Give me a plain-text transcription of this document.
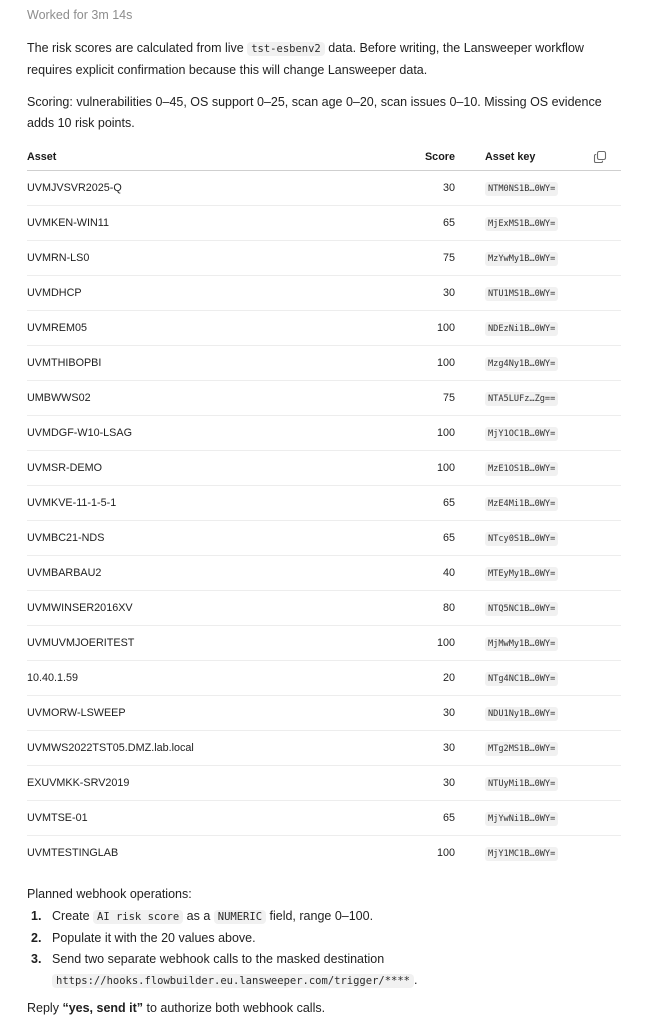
Worked for 3m 14s
The risk scores are calculated from live tst-esbenv2 data. Before writing, the Lansweeper workflow requires explicit confirmation because this will change Lansweeper data.
Scoring: vulnerabilities 0–45, OS support 0–25, scan age 0–20, scan issues 0–10. Missing OS evidence adds 10 risk points.
Asset	Score	Asset key

UVMJVSVR2025-Q	30	NTM0NS1B…0WY=
UVMKEN-WIN11	65	MjExMS1B…0WY=
UVMRN-LS0	75	MzYwMy1B…0WY=
UVMDHCP	30	NTU1MS1B…0WY=
UVMREM05	100	NDEzNi1B…0WY=
UVMTHIBOPBI	100	Mzg4Ny1B…0WY=
UMBWWS02	75	NTA5LUFz…Zg==
UVMDGF-W10-LSAG	100	MjY1OC1B…0WY=
UVMSR-DEMO	100	MzE1OS1B…0WY=
UVMKVE-11-1-5-1	65	MzE4Mi1B…0WY=
UVMBC21-NDS	65	NTcy0S1B…0WY=
UVMBARBAU2	40	MTEyMy1B…0WY=
UVMWINSER2016XV	80	NTQ5NC1B…0WY=
UVMUVMJOERITEST	100	MjMwMy1B…0WY=
10.40.1.59	20	NTg4NC1B…0WY=
UVMORW-LSWEEP	30	NDU1Ny1B…0WY=
UVMWS2022TST05.DMZ.lab.local	30	MTg2MS1B…0WY=
EXUVMKK-SRV2019	30	NTUyMi1B…0WY=
UVMTSE-01	65	MjYwNi1B…0WY=
UVMTESTINGLAB	100	MjY1MC1B…0WY=
Planned webhook operations:
1. Create AI risk score as a NUMERIC field, range 0–100.
2. Populate it with the 20 values above.
3. Send two separate webhook calls to the masked destination https://hooks.flowbuilder.eu.lansweeper.com/trigger/**** .
Reply “yes, send it” to authorize both webhook calls.
